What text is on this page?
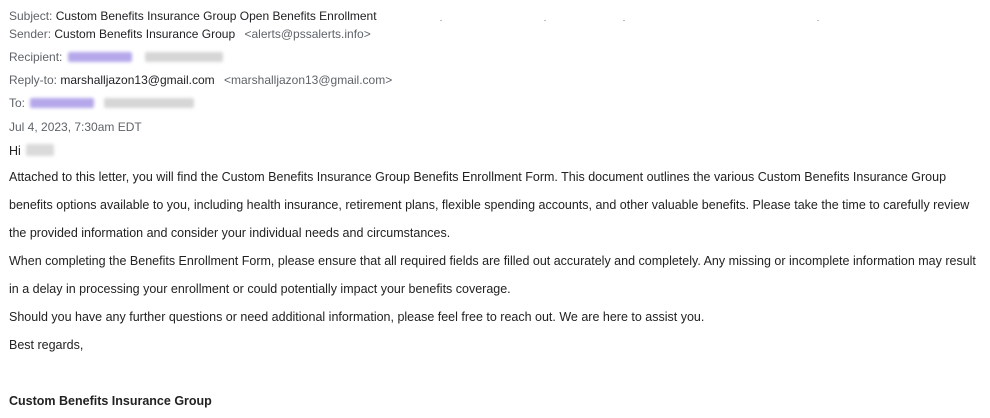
Subject: Custom Benefits Insurance Group Open Benefits Enrollment
Sender: Custom Benefits Insurance Group <alerts@pssalerts.info>
Recipient:
Reply-to: marshalljazon13@gmail.com <marshalljazon13@gmail.com>
To:
Jul 4, 2023, 7:30am EDT
Hi
Attached to this letter, you will find the Custom Benefits Insurance Group Benefits Enrollment Form. This document outlines the various Custom Benefits Insurance Group benefits options available to you, including health insurance, retirement plans, flexible spending accounts, and other valuable benefits. Please take the time to carefully review the provided information and consider your individual needs and circumstances.
When completing the Benefits Enrollment Form, please ensure that all required fields are filled out accurately and completely. Any missing or incomplete information may result in a delay in processing your enrollment or could potentially impact your benefits coverage.
Should you have any further questions or need additional information, please feel free to reach out. We are here to assist you.
Best regards,
Custom Benefits Insurance Group
